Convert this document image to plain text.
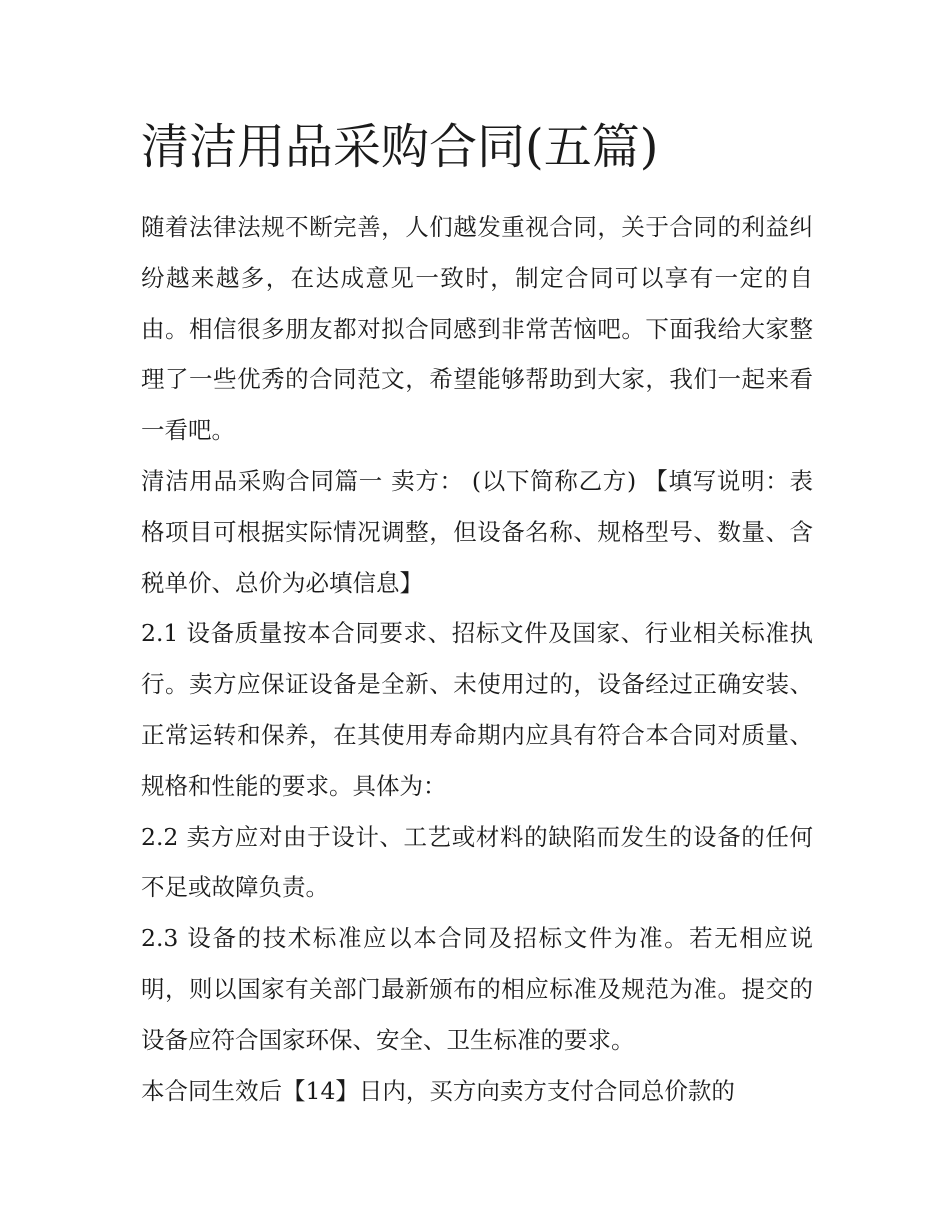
清洁用品采购合同(五篇)

随着法律法规不断完善，人们越发重视合同，关于合同的利益纠纷越来越多，在达成意见一致时，制定合同可以享有一定的自由。相信很多朋友都对拟合同感到非常苦恼吧。下面我给大家整理了一些优秀的合同范文，希望能够帮助到大家，我们一起来看一看吧。

清洁用品采购合同篇一 卖方： (以下简称乙方) 【填写说明：表格项目可根据实际情况调整，但设备名称、规格型号、数量、含税单价、总价为必填信息】

2.1 设备质量按本合同要求、招标文件及国家、行业相关标准执行。卖方应保证设备是全新、未使用过的，设备经过正确安装、正常运转和保养，在其使用寿命期内应具有符合本合同对质量、规格和性能的要求。具体为：

2.2 卖方应对由于设计、工艺或材料的缺陷而发生的设备的任何不足或故障负责。

2.3 设备的技术标准应以本合同及招标文件为准。若无相应说明，则以国家有关部门最新颁布的相应标准及规范为准。提交的设备应符合国家环保、安全、卫生标准的要求。

本合同生效后【14】日内，买方向卖方支付合同总价款的
